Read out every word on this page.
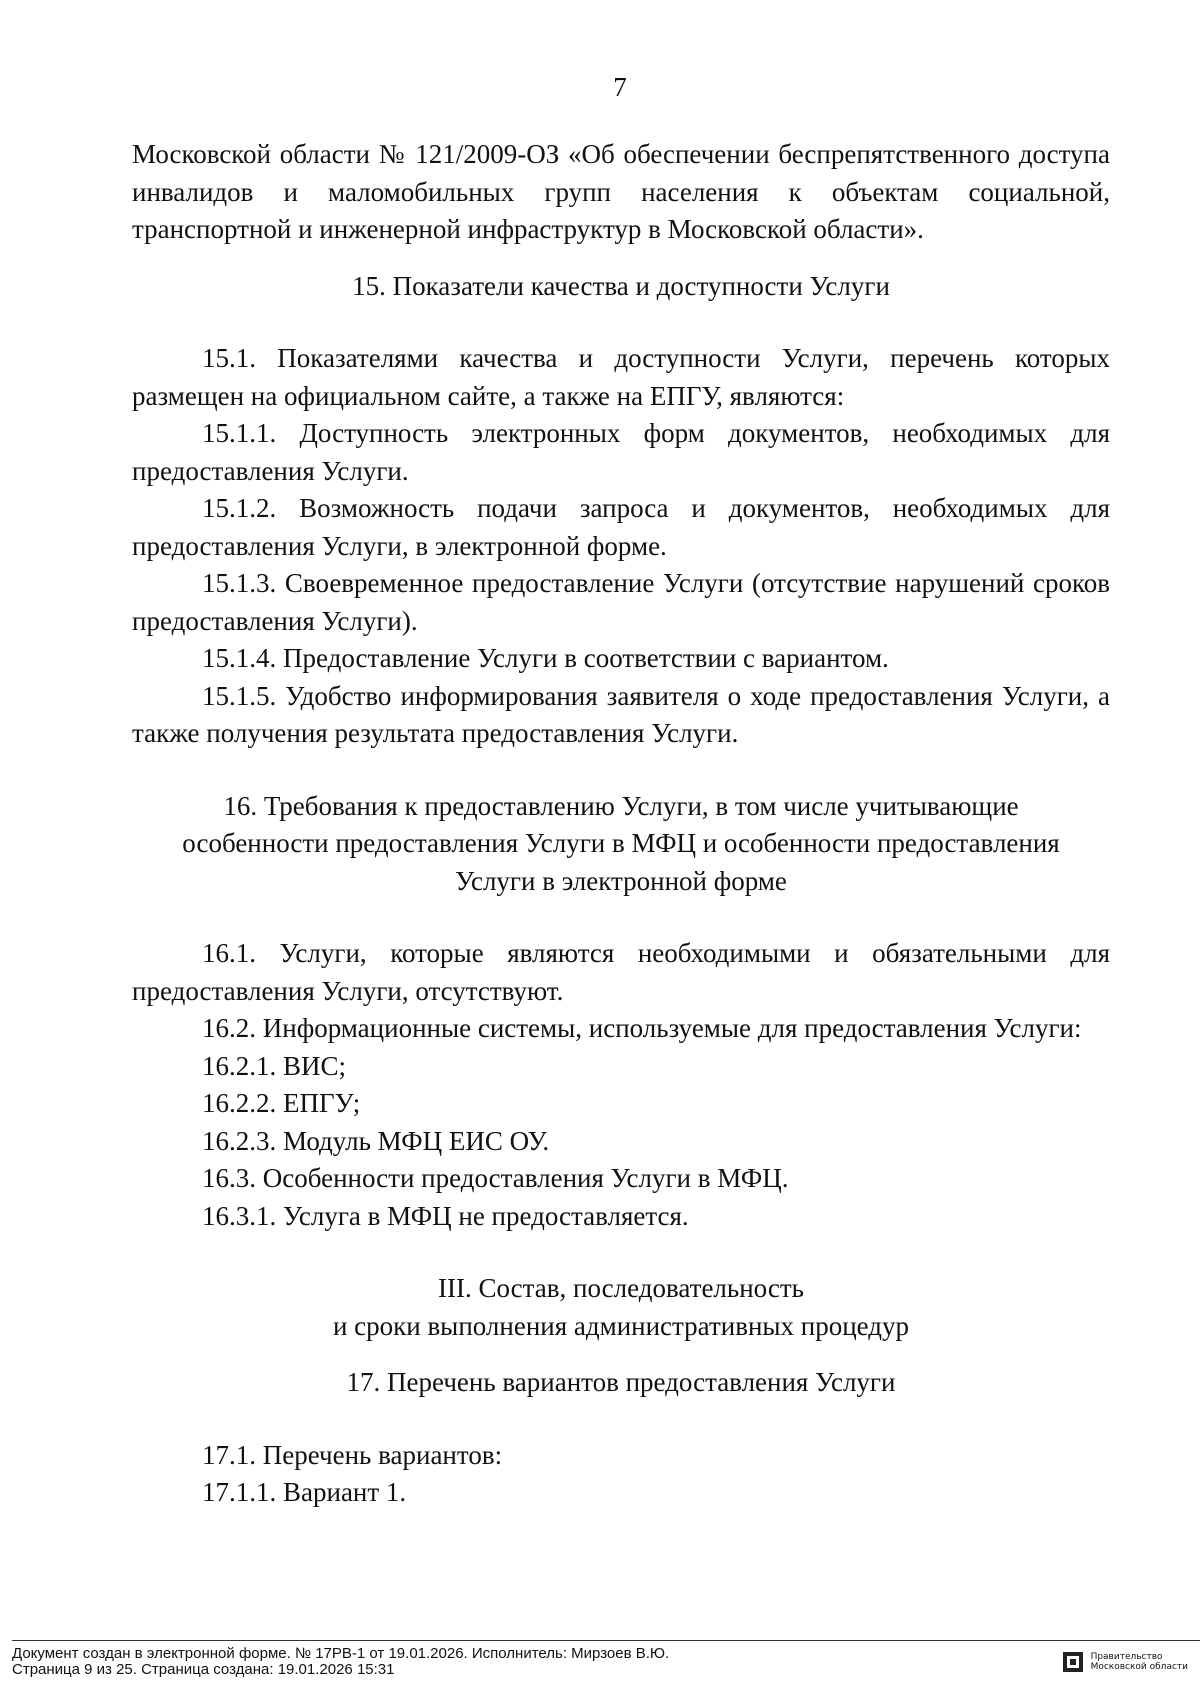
7

Московской области № 121/2009-ОЗ «Об обеспечении беспрепятственного доступа инвалидов и маломобильных групп населения к объектам социальной, транспортной и инженерной инфраструктур в Московской области».

15. Показатели качества и доступности Услуги

15.1. Показателями качества и доступности Услуги, перечень которых размещен на официальном сайте, а также на ЕПГУ, являются:

15.1.1. Доступность электронных форм документов, необходимых для предоставления Услуги.

15.1.2. Возможность подачи запроса и документов, необходимых для предоставления Услуги, в электронной форме.

15.1.3. Своевременное предоставление Услуги (отсутствие нарушений сроков предоставления Услуги).

15.1.4. Предоставление Услуги в соответствии с вариантом.

15.1.5. Удобство информирования заявителя о ходе предоставления Услуги, а также получения результата предоставления Услуги.

16. Требования к предоставлению Услуги, в том числе учитывающие

особенности предоставления Услуги в МФЦ и особенности предоставления

Услуги в электронной форме

16.1. Услуги, которые являются необходимыми и обязательными для предоставления Услуги, отсутствуют.

16.2. Информационные системы, используемые для предоставления Услуги:

16.2.1. ВИС;

16.2.2. ЕПГУ;

16.2.3. Модуль МФЦ ЕИС ОУ.

16.3. Особенности предоставления Услуги в МФЦ.

16.3.1. Услуга в МФЦ не предоставляется.

III. Состав, последовательность

и сроки выполнения административных процедур

17. Перечень вариантов предоставления Услуги

17.1. Перечень вариантов:

17.1.1. Вариант 1.

Документ создан в электронной форме. № 17РВ-1 от 19.01.2026. Исполнитель: Мирзоев В.Ю.
Страница 9 из 25. Страница создана: 19.01.2026 15:31
Правительство
Московской области
